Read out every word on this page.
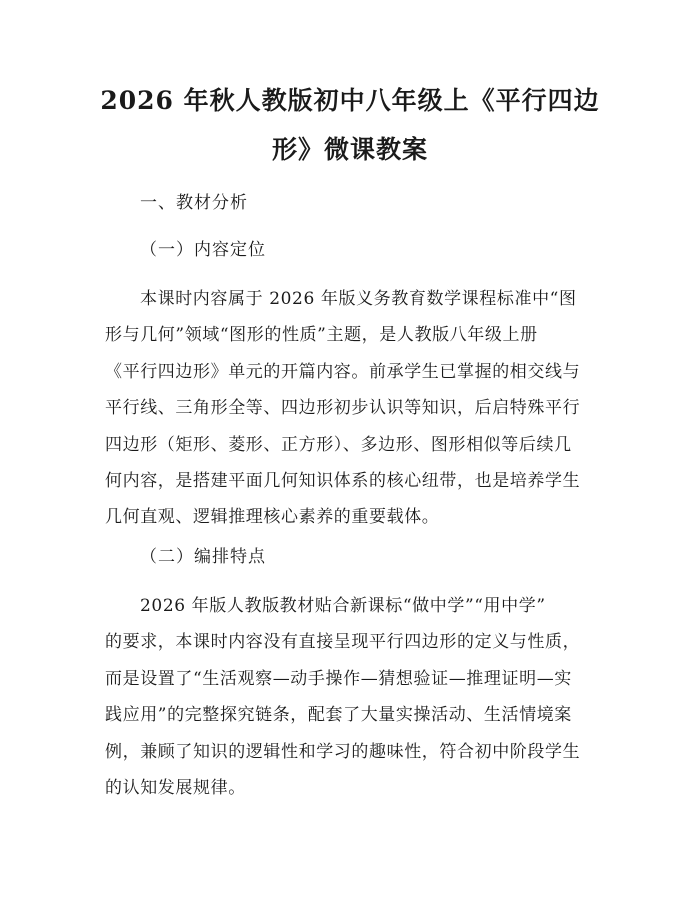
2026 年秋人教版初中八年级上《平行四边
形》微课教案
一、教材分析
（一）内容定位
本课时内容属于 2026 年版义务教育数学课程标准中“图
形与几何”领域“图形的性质”主题，是人教版八年级上册
《平行四边形》单元的开篇内容。前承学生已掌握的相交线与
平行线、三角形全等、四边形初步认识等知识，后启特殊平行
四边形（矩形、菱形、正方形）、多边形、图形相似等后续几
何内容，是搭建平面几何知识体系的核心纽带，也是培养学生
几何直观、逻辑推理核心素养的重要载体。
（二）编排特点
2026 年版人教版教材贴合新课标“做中学”“用中学”
的要求，本课时内容没有直接呈现平行四边形的定义与性质，
而是设置了“生活观察—动手操作—猜想验证—推理证明—实
践应用”的完整探究链条，配套了大量实操活动、生活情境案
例，兼顾了知识的逻辑性和学习的趣味性，符合初中阶段学生
的认知发展规律。
